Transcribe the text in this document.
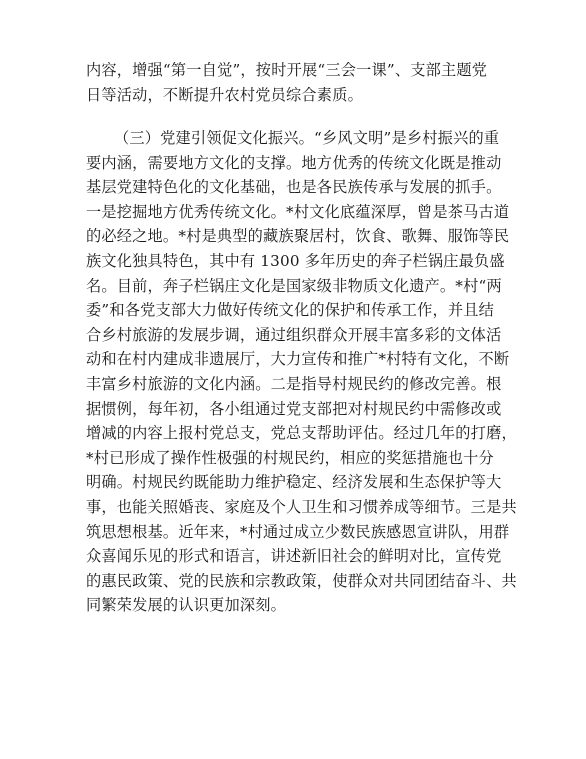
内容，增强“第一自觉”，按时开展“三会一课”、支部主题党
日等活动，不断提升农村党员综合素质。
（三）党建引领促文化振兴。“乡风文明”是乡村振兴的重
要内涵，需要地方文化的支撑。地方优秀的传统文化既是推动
基层党建特色化的文化基础，也是各民族传承与发展的抓手。
一是挖掘地方优秀传统文化。*村文化底蕴深厚，曾是茶马古道
的必经之地。*村是典型的藏族聚居村，饮食、歌舞、服饰等民
族文化独具特色，其中有 1300 多年历史的奔子栏锅庄最负盛
名。目前，奔子栏锅庄文化是国家级非物质文化遗产。*村“两
委”和各党支部大力做好传统文化的保护和传承工作，并且结
合乡村旅游的发展步调，通过组织群众开展丰富多彩的文体活
动和在村内建成非遗展厅，大力宣传和推广*村特有文化，不断
丰富乡村旅游的文化内涵。二是指导村规民约的修改完善。根
据惯例，每年初，各小组通过党支部把对村规民约中需修改或
增减的内容上报村党总支，党总支帮助评估。经过几年的打磨，
*村已形成了操作性极强的村规民约，相应的奖惩措施也十分
明确。村规民约既能助力维护稳定、经济发展和生态保护等大
事，也能关照婚丧、家庭及个人卫生和习惯养成等细节。三是共
筑思想根基。近年来，*村通过成立少数民族感恩宣讲队，用群
众喜闻乐见的形式和语言，讲述新旧社会的鲜明对比，宣传党
的惠民政策、党的民族和宗教政策，使群众对共同团结奋斗、共
同繁荣发展的认识更加深刻。
